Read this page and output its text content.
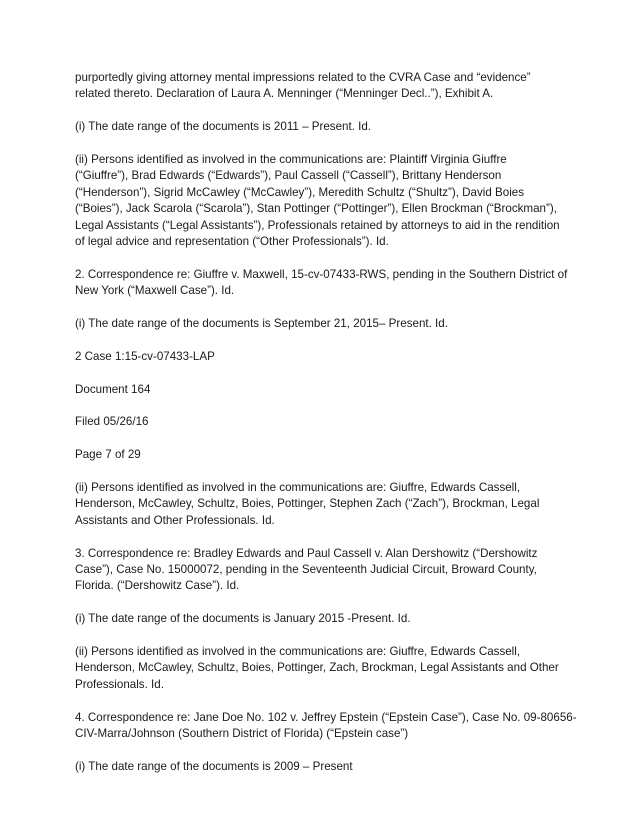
purportedly giving attorney mental impressions related to the CVRA Case and “evidence”
related thereto. Declaration of Laura A. Menninger (“Menninger Decl..”), Exhibit A.

(i) The date range of the documents is 2011 – Present. Id.

(ii) Persons identified as involved in the communications are: Plaintiff Virginia Giuffre
(“Giuffre”), Brad Edwards (“Edwards”), Paul Cassell (“Cassell”), Brittany Henderson
(“Henderson”), Sigrid McCawley (“McCawley”), Meredith Schultz (“Shultz”), David Boies
(“Boies”), Jack Scarola (“Scarola”), Stan Pottinger (“Pottinger”), Ellen Brockman (“Brockman”),
Legal Assistants (“Legal Assistants”), Professionals retained by attorneys to aid in the rendition
of legal advice and representation (“Other Professionals”). Id.

2. Correspondence re: Giuffre v. Maxwell, 15-cv-07433-RWS, pending in the Southern District of
New York (“Maxwell Case”). Id.

(i) The date range of the documents is September 21, 2015– Present. Id.

2 Case 1:15-cv-07433-LAP

Document 164

Filed 05/26/16

Page 7 of 29

(ii) Persons identified as involved in the communications are: Giuffre, Edwards Cassell,
Henderson, McCawley, Schultz, Boies, Pottinger, Stephen Zach (“Zach”), Brockman, Legal
Assistants and Other Professionals. Id.

3. Correspondence re: Bradley Edwards and Paul Cassell v. Alan Dershowitz (“Dershowitz
Case”), Case No. 15000072, pending in the Seventeenth Judicial Circuit, Broward County,
Florida. (“Dershowitz Case”). Id.

(i) The date range of the documents is January 2015 -Present. Id.

(ii) Persons identified as involved in the communications are: Giuffre, Edwards Cassell,
Henderson, McCawley, Schultz, Boies, Pottinger, Zach, Brockman, Legal Assistants and Other
Professionals. Id.

4. Correspondence re: Jane Doe No. 102 v. Jeffrey Epstein (“Epstein Case”), Case No. 09-80656-
CIV-Marra/Johnson (Southern District of Florida) (“Epstein case”)

(i) The date range of the documents is 2009 – Present
